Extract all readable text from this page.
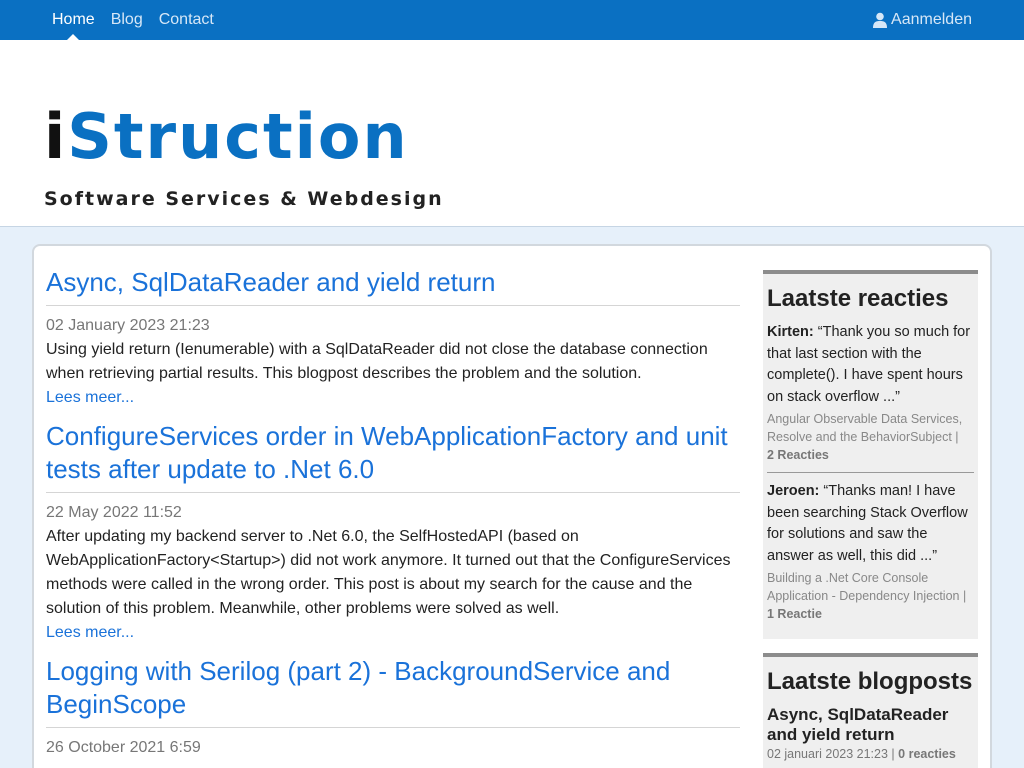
Home	Blog	Contact	Aanmelden
iStruction
Software Services & Webdesign
Async, SqlDataReader and yield return
02 January 2023 21:23
Using yield return (Ienumerable) with a SqlDataReader did not close the database connection when retrieving partial results. This blogpost describes the problem and the solution.
Lees meer...
ConfigureServices order in WebApplicationFactory and unit tests after update to .Net 6.0
22 May 2022 11:52
After updating my backend server to .Net 6.0, the SelfHostedAPI (based on WebApplicationFactory<Startup>) did not work anymore. It turned out that the ConfigureServices methods were called in the wrong order. This post is about my search for the cause and the solution of this problem. Meanwhile, other problems were solved as well.
Lees meer...
Logging with Serilog (part 2) - BackgroundService and BeginScope
26 October 2021 6:59
Laatste reacties
Kirten: “Thank you so much for that last section with the complete(). I have spent hours on stack overflow ...”
Angular Observable Data Services, Resolve and the BehaviorSubject |
2 Reacties
Jeroen: “Thanks man! I have been searching Stack Overflow for solutions and saw the answer as well, this did ...”
Building a .Net Core Console Application - Dependency Injection |
1 Reactie
Laatste blogposts
Async, SqlDataReader and yield return
02 januari 2023 21:23 | 0 reacties
